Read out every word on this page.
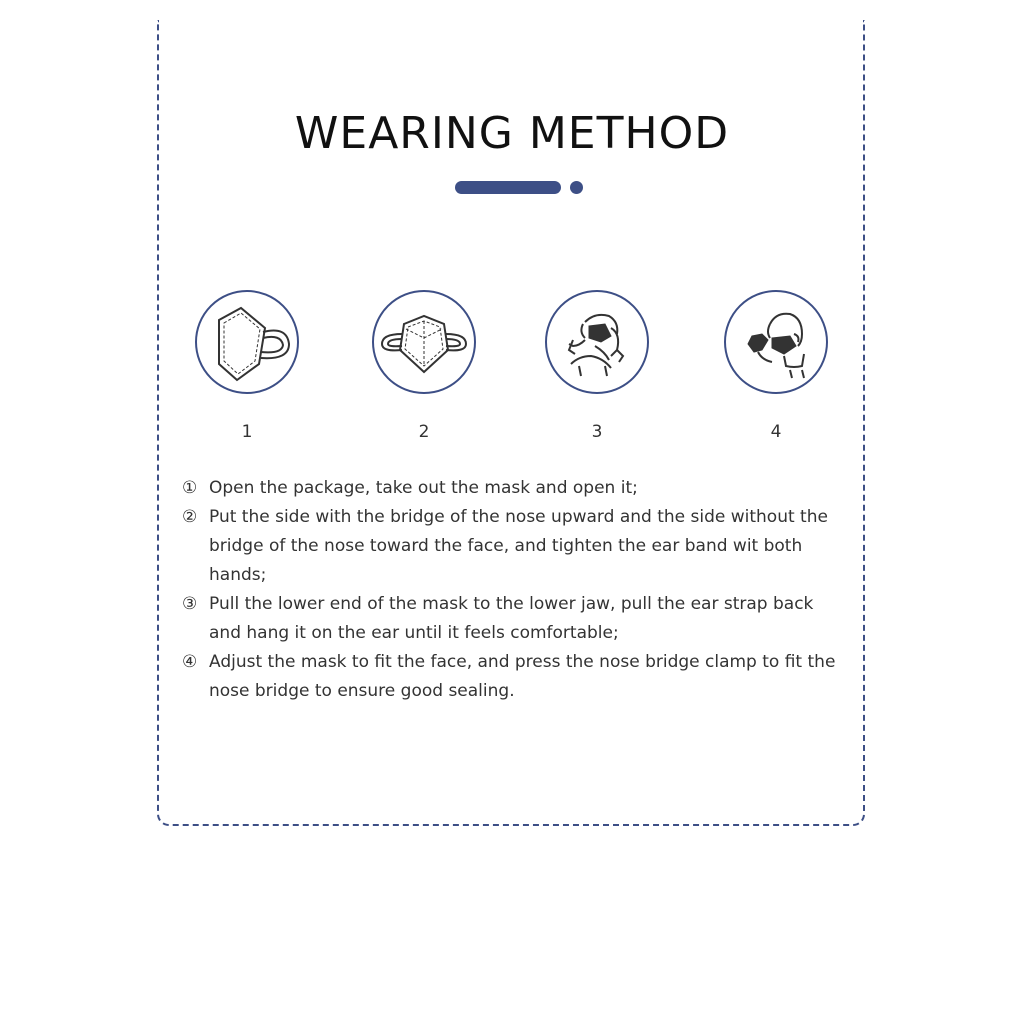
WEARING METHOD
1	2	3	4
① Open the package, take out the mask and open it;
② Put the side with the bridge of the nose upward and the side without the bridge of the nose toward the face, and tighten the ear band wit both hands;
③ Pull the lower end of the mask to the lower jaw, pull the ear strap back and hang it on the ear until it feels comfortable;
④ Adjust the mask to fit the face, and press the nose bridge clamp to fit the nose bridge to ensure good sealing.
